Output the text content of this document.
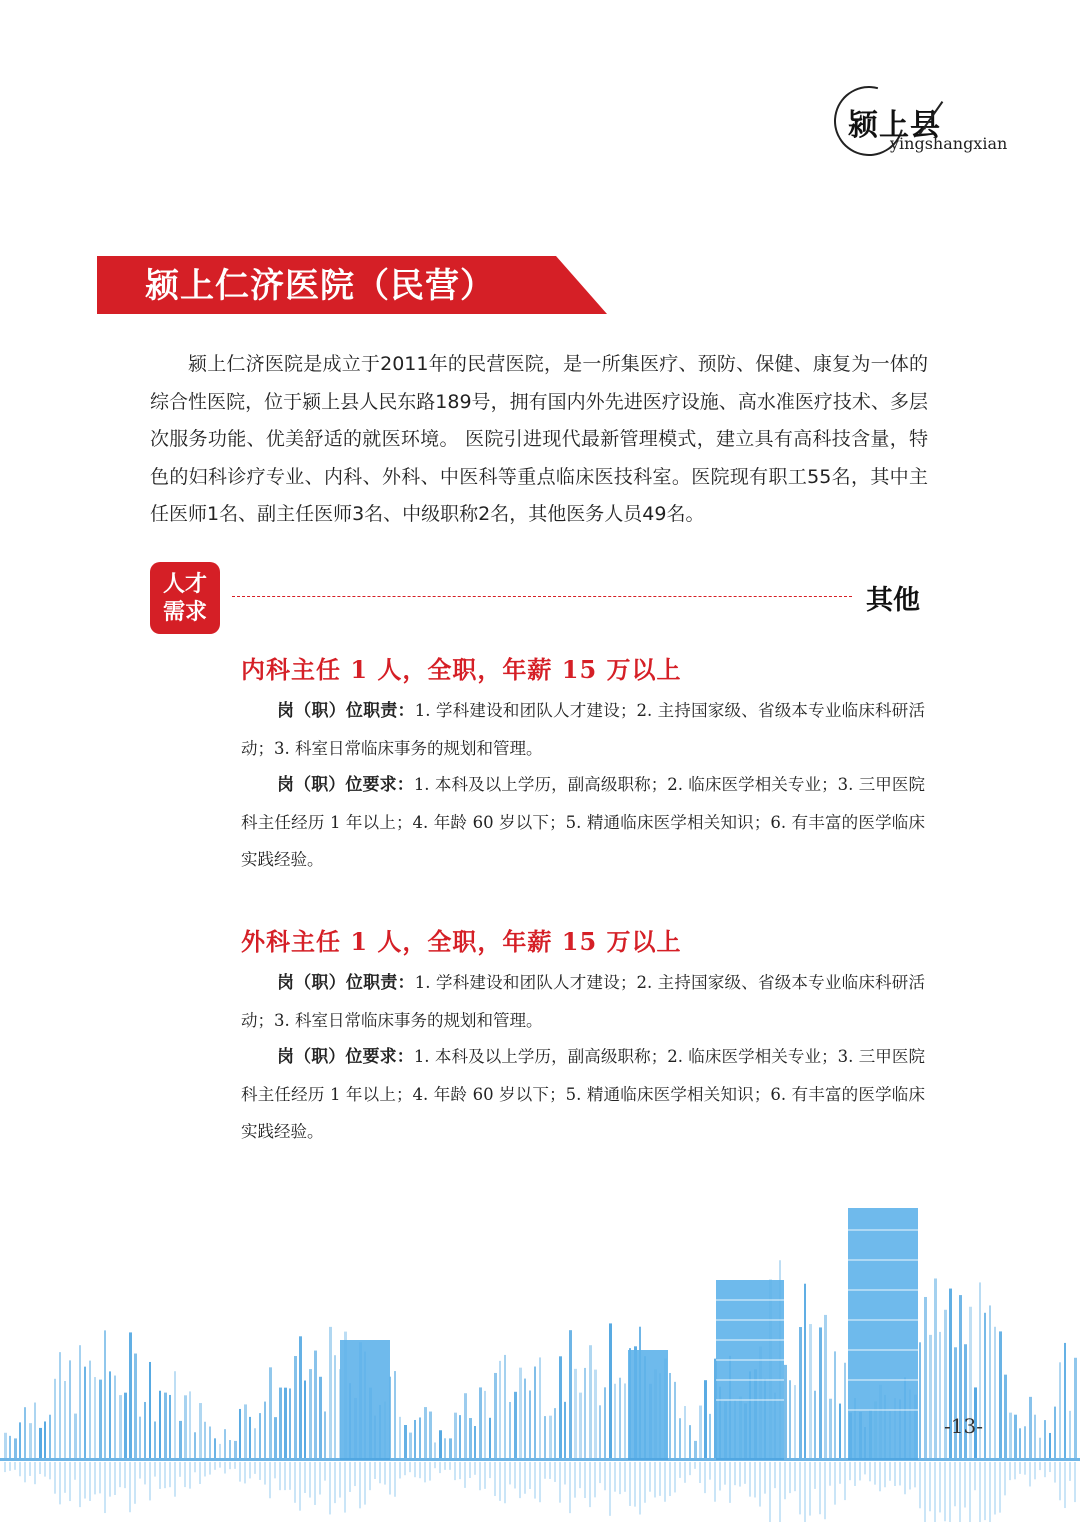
颍上县
yingshangxian
颍上仁济医院（民营）

颍上仁济医院是成立于2011年的民营医院，是一所集医疗、预防、保健、康复为一体的综合性医院，位于颍上县人民东路189号，拥有国内外先进医疗设施、高水准医疗技术、多层次服务功能、优美舒适的就医环境。 医院引进现代最新管理模式，建立具有高科技含量，特色的妇科诊疗专业、内科、外科、中医科等重点临床医技科室。医院现有职工55名，其中主任医师1名、副主任医师3名、中级职称2名，其他医务人员49名。

人才
需求	其他
内科主任 1 人，全职，年薪 15 万以上

岗（职）位职责：1. 学科建设和团队人才建设；2. 主持国家级、省级本专业临床科研活动；3. 科室日常临床事务的规划和管理。

岗（职）位要求：1. 本科及以上学历，副高级职称；2. 临床医学相关专业；3. 三甲医院科主任经历 1 年以上；4. 年龄 60 岁以下；5. 精通临床医学相关知识；6. 有丰富的医学临床实践经验。

外科主任 1 人，全职，年薪 15 万以上

岗（职）位职责：1. 学科建设和团队人才建设；2. 主持国家级、省级本专业临床科研活动；3. 科室日常临床事务的规划和管理。

岗（职）位要求：1. 本科及以上学历，副高级职称；2. 临床医学相关专业；3. 三甲医院科主任经历 1 年以上；4. 年龄 60 岁以下；5. 精通临床医学相关知识；6. 有丰富的医学临床实践经验。

-13-
